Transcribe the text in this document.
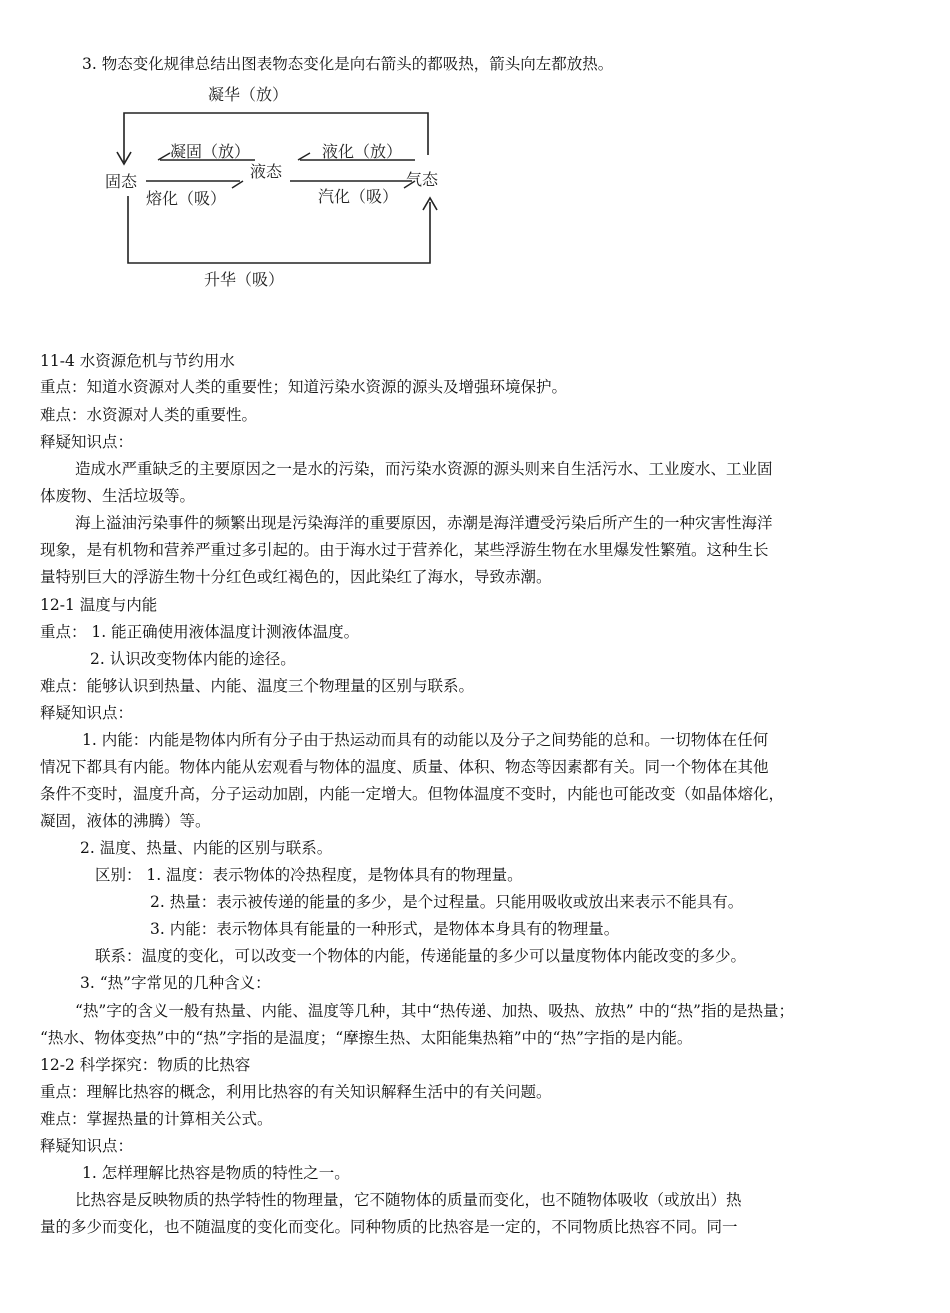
3. 物态变化规律总结出图表物态变化是向右箭头的都吸热，箭头向左都放热。
凝华（放）
升华（吸）
固态
液态	气态
凝固（放）
熔化（吸）
液化（放）
汽化（吸）
11-4 水资源危机与节约用水
重点：知道水资源对人类的重要性；知道污染水资源的源头及增强环境保护。
难点：水资源对人类的重要性。
释疑知识点：
造成水严重缺乏的主要原因之一是水的污染，而污染水资源的源头则来自生活污水、工业废水、工业固
体废物、生活垃圾等。
海上溢油污染事件的频繁出现是污染海洋的重要原因，赤潮是海洋遭受污染后所产生的一种灾害性海洋
现象，是有机物和营养严重过多引起的。由于海水过于营养化，某些浮游生物在水里爆发性繁殖。这种生长
量特别巨大的浮游生物十分红色或红褐色的，因此染红了海水，导致赤潮。
12-1 温度与内能
重点： 1. 能正确使用液体温度计测液体温度。
2. 认识改变物体内能的途径。
难点：能够认识到热量、内能、温度三个物理量的区别与联系。
释疑知识点：
1. 内能：内能是物体内所有分子由于热运动而具有的动能以及分子之间势能的总和。一切物体在任何
情况下都具有内能。物体内能从宏观看与物体的温度、质量、体积、物态等因素都有关。同一个物体在其他
条件不变时，温度升高，分子运动加剧，内能一定增大。但物体温度不变时，内能也可能改变（如晶体熔化，
凝固，液体的沸腾）等。
2. 温度、热量、内能的区别与联系。
区别： 1. 温度：表示物体的冷热程度，是物体具有的物理量。
2. 热量：表示被传递的能量的多少，是个过程量。只能用吸收或放出来表示不能具有。
3. 内能：表示物体具有能量的一种形式，是物体本身具有的物理量。
联系：温度的变化，可以改变一个物体的内能，传递能量的多少可以量度物体内能改变的多少。
3. “热”字常见的几种含义：
“热”字的含义一般有热量、内能、温度等几种，其中“热传递、加热、吸热、放热” 中的“热”指的是热量；
“热水、物体变热”中的“热”字指的是温度；“摩擦生热、太阳能集热箱”中的“热”字指的是内能。
12-2 科学探究：物质的比热容
重点：理解比热容的概念，利用比热容的有关知识解释生活中的有关问题。
难点：掌握热量的计算相关公式。
释疑知识点：
1. 怎样理解比热容是物质的特性之一。
比热容是反映物质的热学特性的物理量，它不随物体的质量而变化，也不随物体吸收（或放出）热
量的多少而变化，也不随温度的变化而变化。同种物质的比热容是一定的，不同物质比热容不同。同一
